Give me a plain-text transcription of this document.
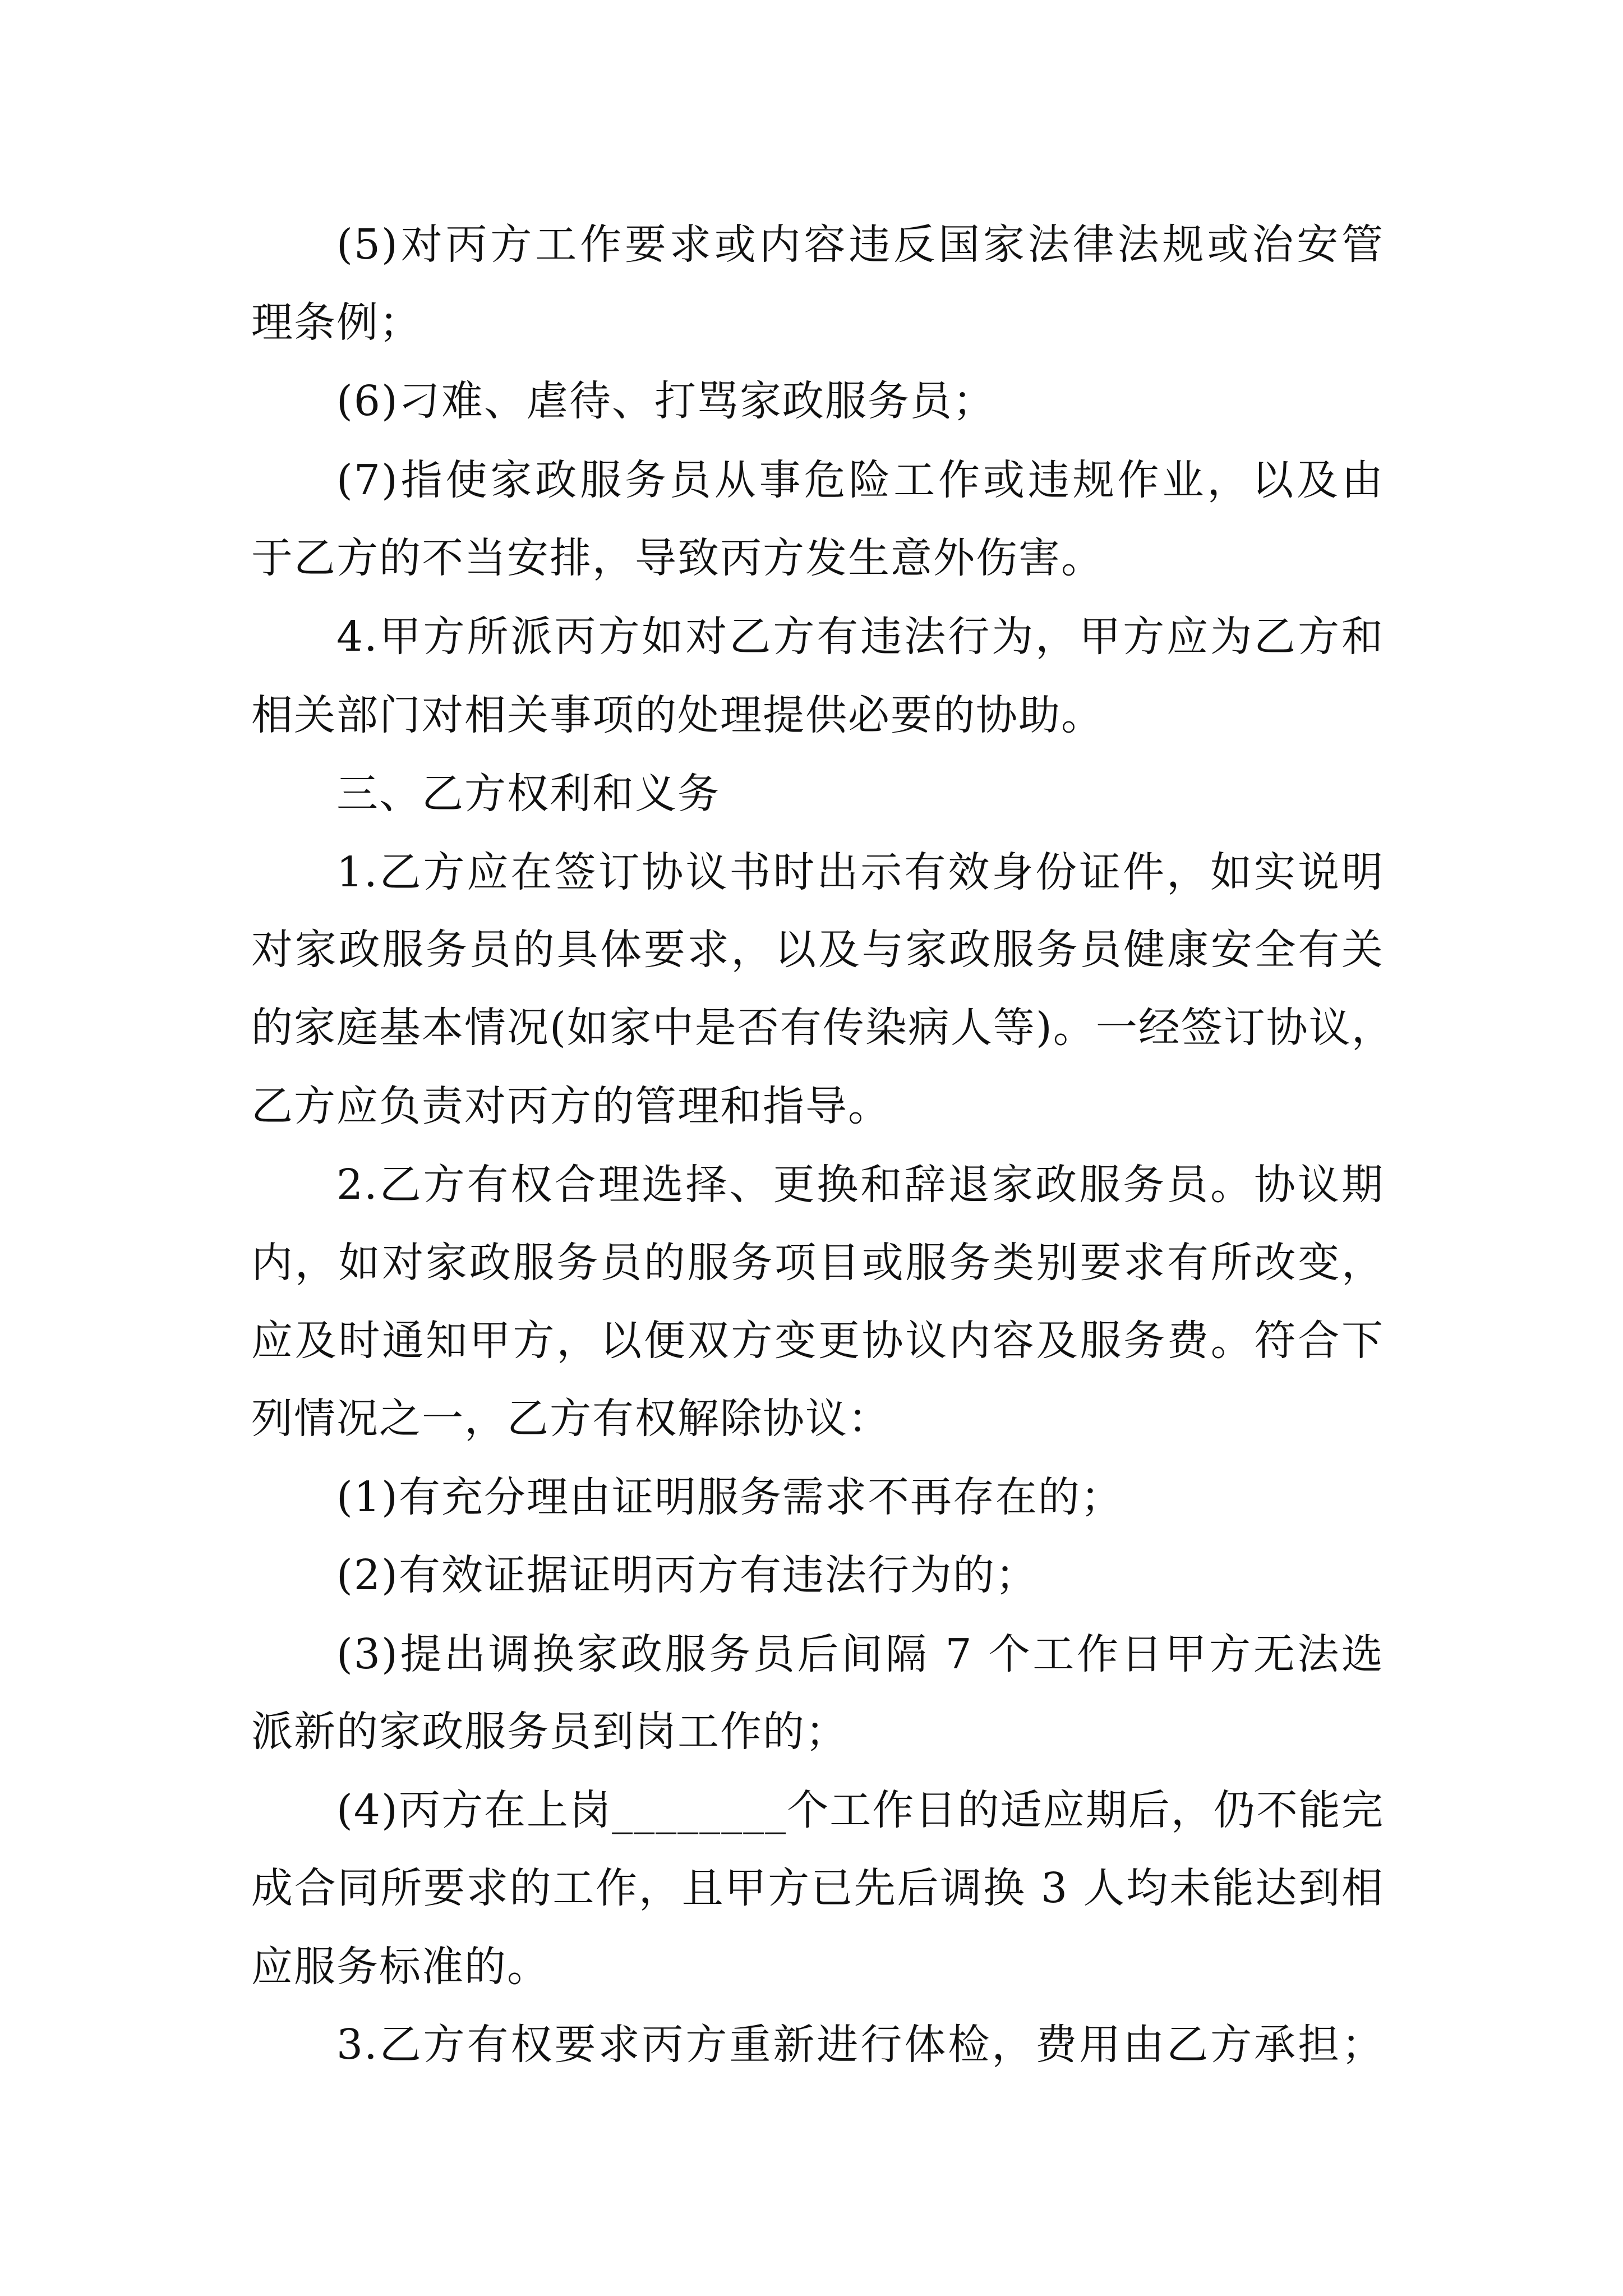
(5)对丙方工作要求或内容违反国家法律法规或治安管

理条例；

(6)刁难、虐待、打骂家政服务员；

(7)指使家政服务员从事危险工作或违规作业，以及由

于乙方的不当安排，导致丙方发生意外伤害。

4.甲方所派丙方如对乙方有违法行为，甲方应为乙方和

相关部门对相关事项的处理提供必要的协助。

三、乙方权利和义务

1.乙方应在签订协议书时出示有效身份证件，如实说明

对家政服务员的具体要求，以及与家政服务员健康安全有关

的家庭基本情况(如家中是否有传染病人等)。一经签订协议，

乙方应负责对丙方的管理和指导。

2.乙方有权合理选择、更换和辞退家政服务员。协议期

内，如对家政服务员的服务项目或服务类别要求有所改变，

应及时通知甲方，以便双方变更协议内容及服务费。符合下

列情况之一，乙方有权解除协议：

(1)有充分理由证明服务需求不再存在的；

(2)有效证据证明丙方有违法行为的；

(3)提出调换家政服务员后间隔 7 个工作日甲方无法选

派新的家政服务员到岗工作的；

(4)丙方在上岗________个工作日的适应期后，仍不能完

成合同所要求的工作，且甲方已先后调换 3 人均未能达到相

应服务标准的。

3.乙方有权要求丙方重新进行体检，费用由乙方承担；
